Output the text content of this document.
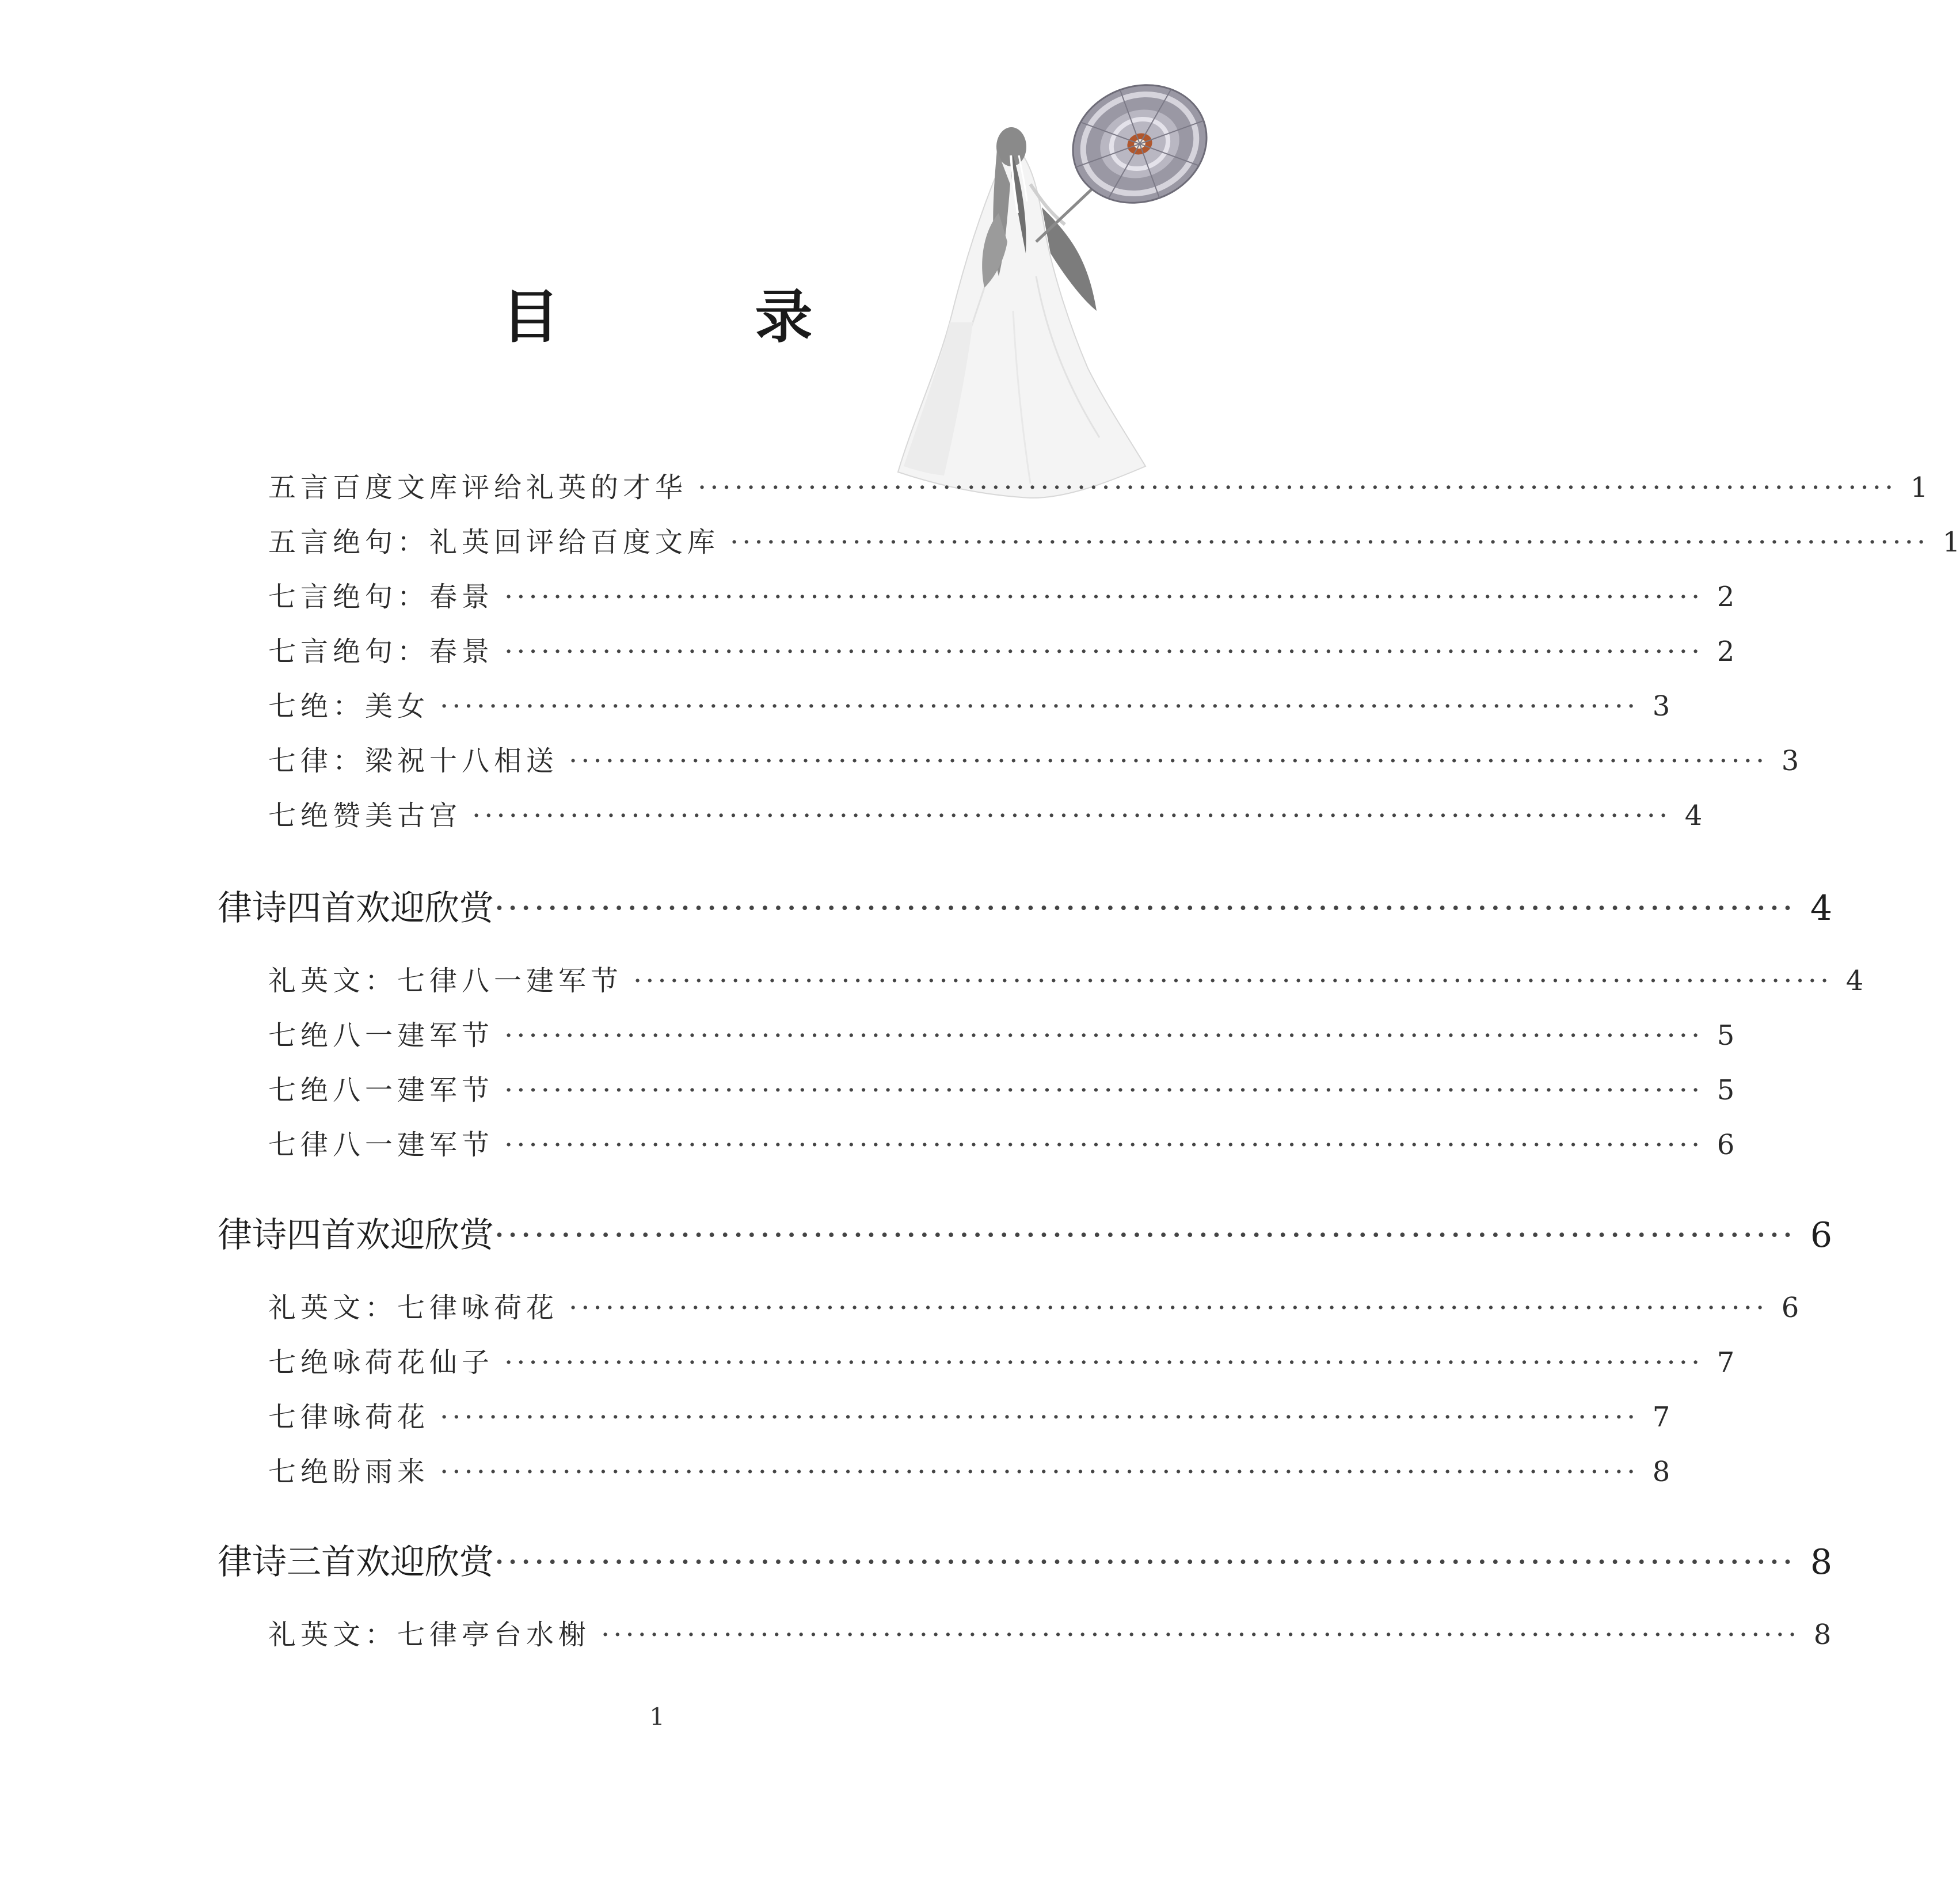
目　录
五言百度文库评给礼英的才华 ·································································································· 1
五言绝句：礼英回评给百度文库 ·································································································· 1
七言绝句：春景 ·································································································· 2
七言绝句：春景 ·································································································· 2
七绝：美女 ·································································································· 3
七律：梁祝十八相送 ·································································································· 3
七绝赞美古宫 ·································································································· 4
律诗四首欢迎欣赏 ·································································································· 4
礼英文：七律八一建军节 ·································································································· 4
七绝八一建军节 ·································································································· 5
七绝八一建军节 ·································································································· 5
七律八一建军节 ·································································································· 6
律诗四首欢迎欣赏 ·································································································· 6
礼英文：七律咏荷花 ·································································································· 6
七绝咏荷花仙子 ·································································································· 7
七律咏荷花 ·································································································· 7
七绝盼雨来 ·································································································· 8
律诗三首欢迎欣赏 ·································································································· 8
礼英文：七律亭台水榭 ·································································································· 8
1
